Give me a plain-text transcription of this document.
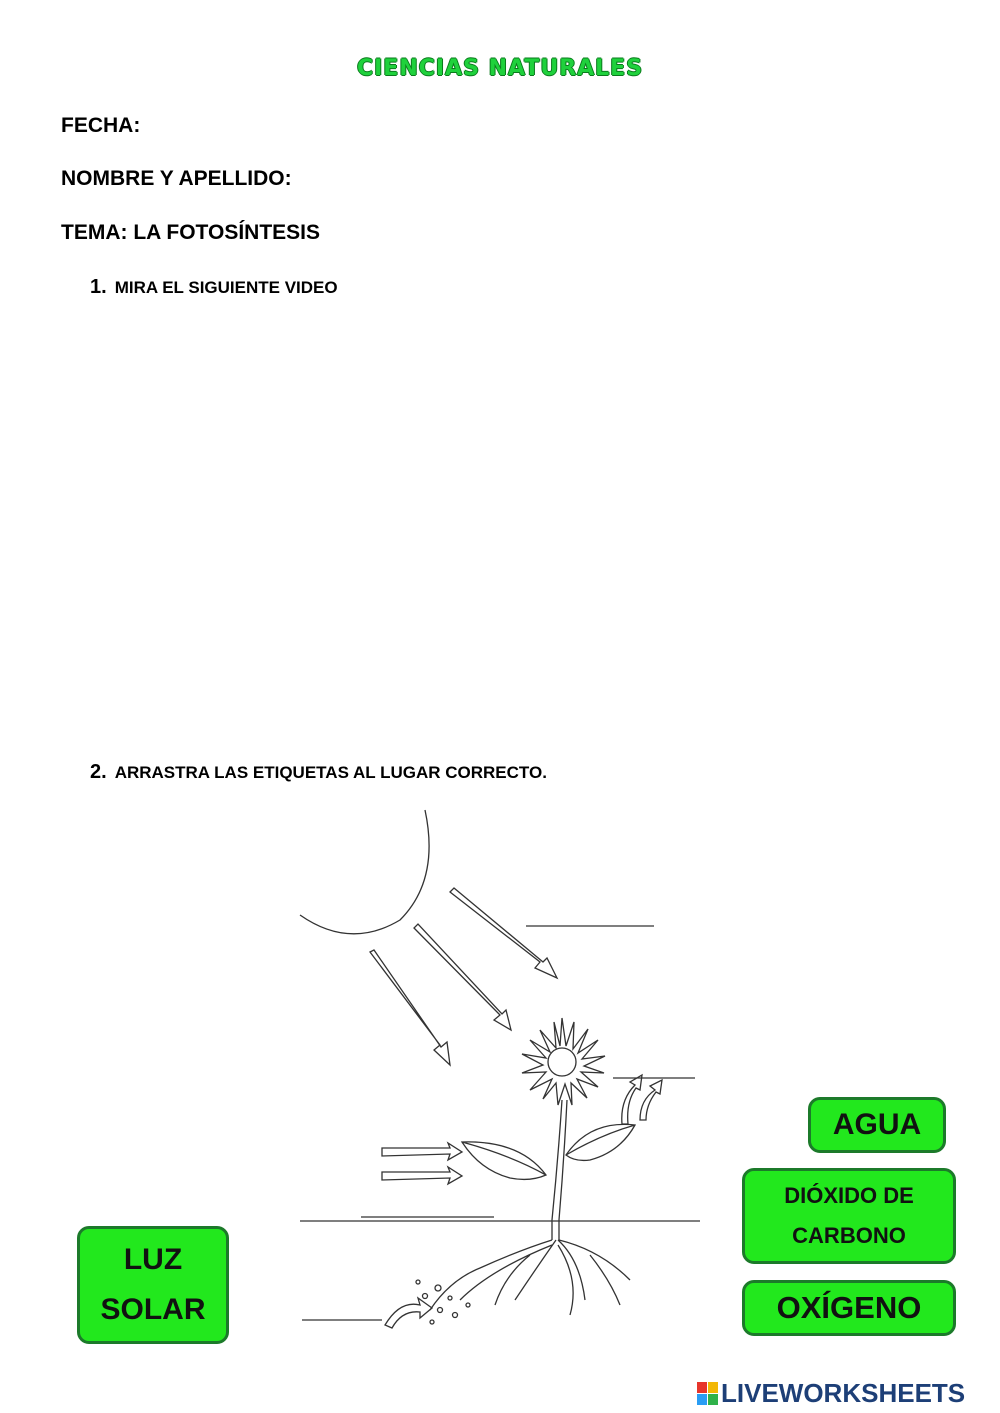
CIENCIAS NATURALES
FECHA:
NOMBRE Y APELLIDO:
TEMA: LA FOTOSÍNTESIS
1. MIRA EL SIGUIENTE VIDEO
2. ARRASTRA LAS ETIQUETAS AL LUGAR CORRECTO.
AGUA
DIÓXIDO DE
CARBONO
OXÍGENO
LUZ
SOLAR
LIVEWORKSHEETS
